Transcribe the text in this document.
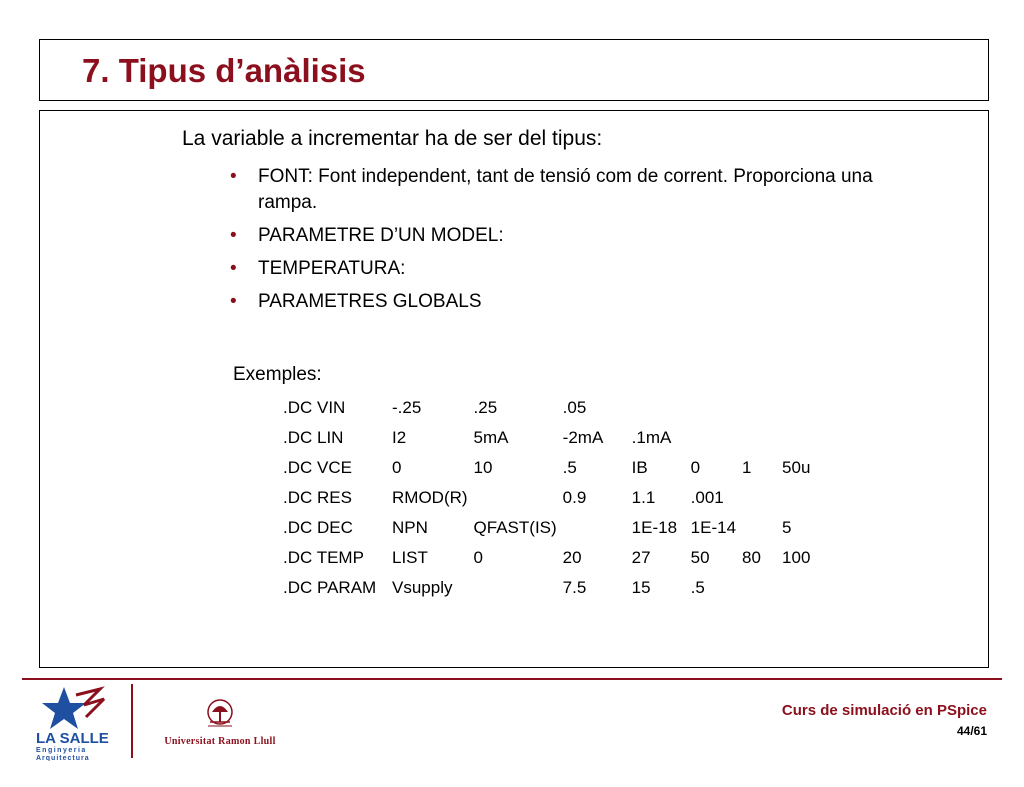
7. Tipus d’anàlisis
La variable a incrementar ha de ser del tipus:
• FONT: Font independent, tant de tensió com de corrent. Proporciona una rampa.
• PARAMETRE D’UN MODEL:
• TEMPERATURA:
• PARAMETRES GLOBALS
Exemples:
.DC VIN	-.25	.25	.05				
.DC LIN	I2	5mA	-2mA	.1mA			
.DC VCE	0	10	.5	IB	0	1	50u
.DC RES	RMOD(R)		0.9	1.1	.001		
.DC DEC	NPN	QFAST(IS)		1E-18	1E-14		5
.DC TEMP	LIST	0	20	27	50	80	100
.DC PARAM	Vsupply		7.5	15	.5		
LA SALLE
Enginyeria
Arquitectura
Universitat Ramon Llull
Curs de simulació en PSpice
44/61
